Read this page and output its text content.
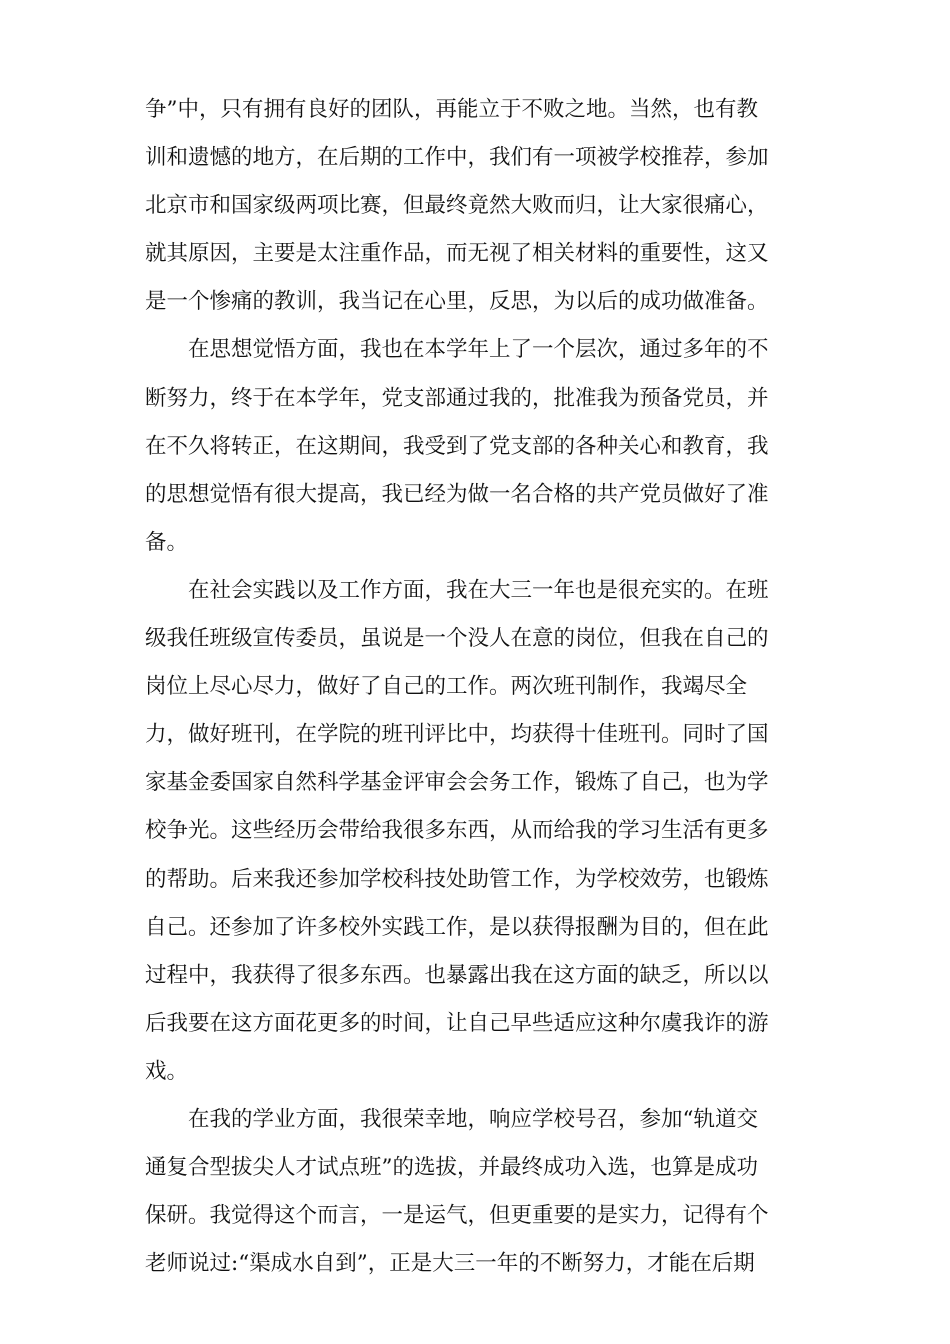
争”中，只有拥有良好的团队，再能立于不败之地。当然，也有教
训和遗憾的地方，在后期的工作中，我们有一项被学校推荐，参加
北京市和国家级两项比赛，但最终竟然大败而归，让大家很痛心，
就其原因，主要是太注重作品，而无视了相关材料的重要性，这又
是一个惨痛的教训，我当记在心里，反思，为以后的成功做准备。
在思想觉悟方面，我也在本学年上了一个层次，通过多年的不
断努力，终于在本学年，党支部通过我的，批准我为预备党员，并
在不久将转正，在这期间，我受到了党支部的各种关心和教育，我
的思想觉悟有很大提高，我已经为做一名合格的共产党员做好了准
备。
在社会实践以及工作方面，我在大三一年也是很充实的。在班
级我任班级宣传委员，虽说是一个没人在意的岗位，但我在自己的
岗位上尽心尽力，做好了自己的工作。两次班刊制作，我竭尽全
力，做好班刊，在学院的班刊评比中，均获得十佳班刊。同时了国
家基金委国家自然科学基金评审会会务工作，锻炼了自己，也为学
校争光。这些经历会带给我很多东西，从而给我的学习生活有更多
的帮助。后来我还参加学校科技处助管工作，为学校效劳，也锻炼
自己。还参加了许多校外实践工作，是以获得报酬为目的，但在此
过程中，我获得了很多东西。也暴露出我在这方面的缺乏，所以以
后我要在这方面花更多的时间，让自己早些适应这种尔虞我诈的游
戏。
在我的学业方面，我很荣幸地，响应学校号召，参加“轨道交
通复合型拔尖人才试点班”的选拔，并最终成功入选，也算是成功
保研。我觉得这个而言，一是运气，但更重要的是实力，记得有个
老师说过:“渠成水自到”，正是大三一年的不断努力，才能在后期
